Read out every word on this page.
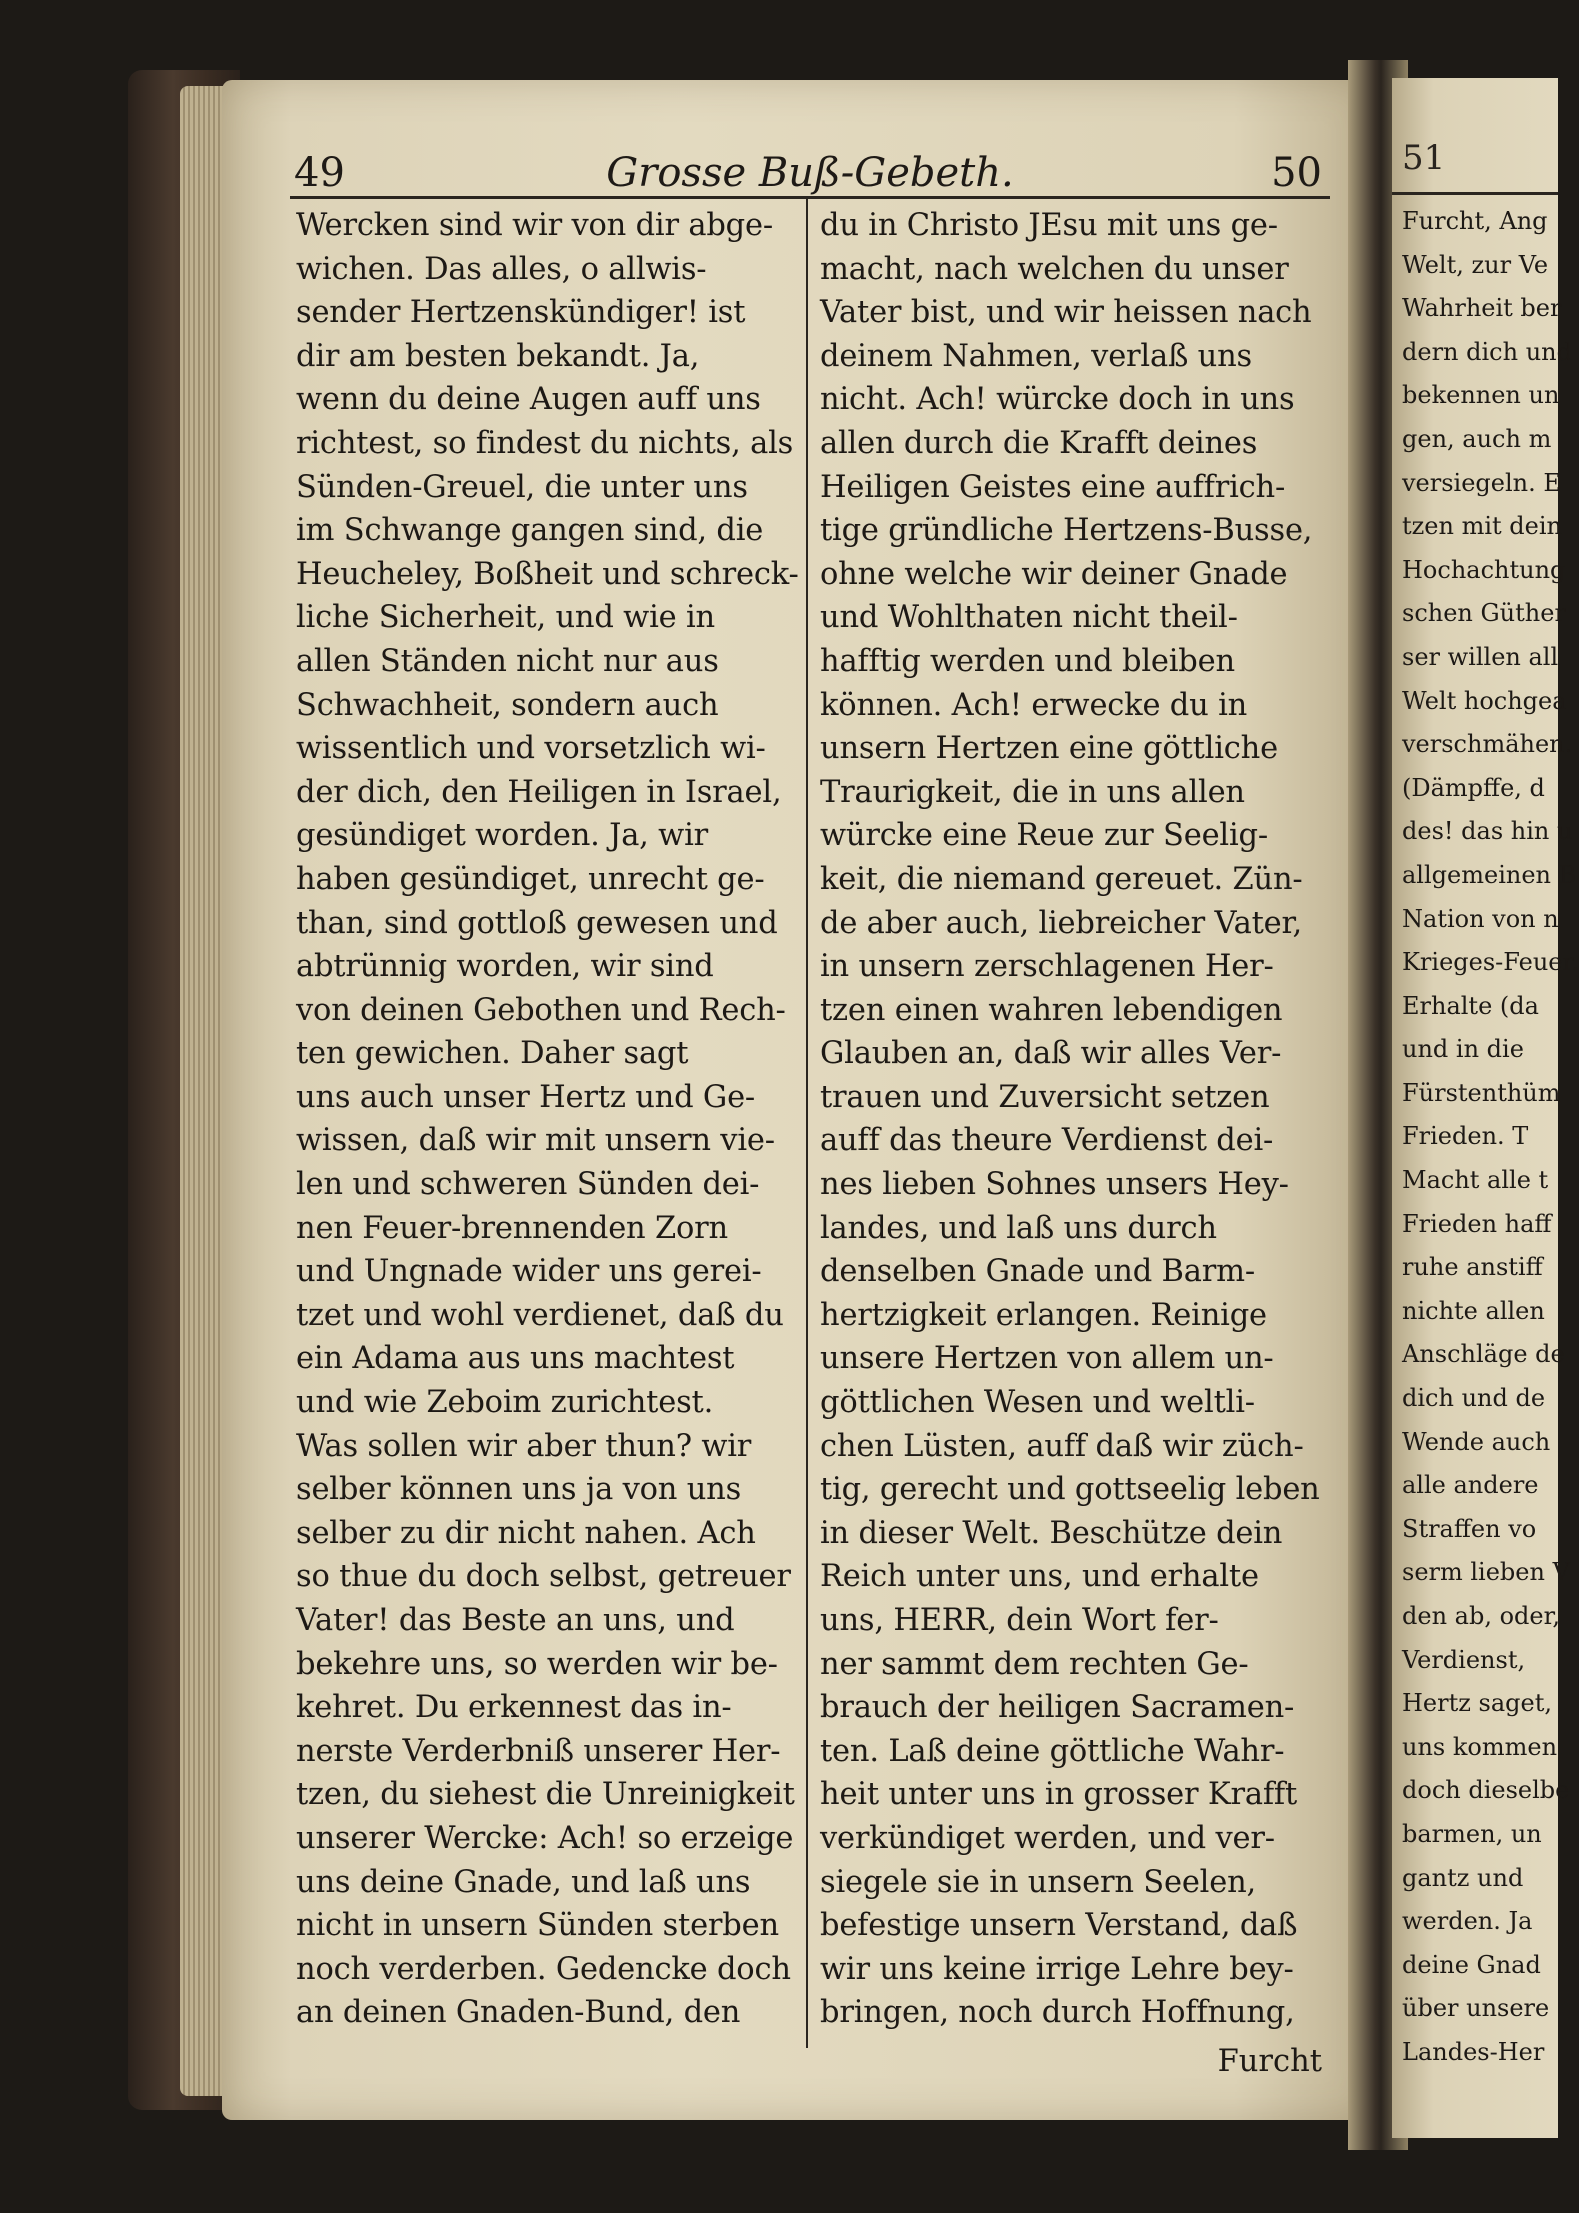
49	Grosse Buß-Gebeth.	50
Wercken sind wir von dir abge-
wichen. Das alles, o allwis-
sender Hertzenskündiger! ist
dir am besten bekandt. Ja,
wenn du deine Augen auff uns
richtest, so findest du nichts, als
Sünden-Greuel, die unter uns
im Schwange gangen sind, die
Heucheley, Boßheit und schreck-
liche Sicherheit, und wie in
allen Ständen nicht nur aus
Schwachheit, sondern auch
wissentlich und vorsetzlich wi-
der dich, den Heiligen in Israel,
gesündiget worden. Ja, wir
haben gesündiget, unrecht ge-
than, sind gottloß gewesen und
abtrünnig worden, wir sind
von deinen Gebothen und Rech-
ten gewichen. Daher sagt
uns auch unser Hertz und Ge-
wissen, daß wir mit unsern vie-
len und schweren Sünden dei-
nen Feuer-brennenden Zorn
und Ungnade wider uns gerei-
tzet und wohl verdienet, daß du
ein Adama aus uns machtest
und wie Zeboim zurichtest.
Was sollen wir aber thun? wir
selber können uns ja von uns
selber zu dir nicht nahen. Ach
so thue du doch selbst, getreuer
Vater! das Beste an uns, und
bekehre uns, so werden wir be-
kehret. Du erkennest das in-
nerste Verderbniß unserer Her-
tzen, du siehest die Unreinigkeit
unserer Wercke: Ach! so erzeige
uns deine Gnade, und laß uns
nicht in unsern Sünden sterben
noch verderben. Gedencke doch
an deinen Gnaden-Bund, den
du in Christo JEsu mit uns ge-
macht, nach welchen du unser
Vater bist, und wir heissen nach
deinem Nahmen, verlaß uns
nicht. Ach! würcke doch in uns
allen durch die Krafft deines
Heiligen Geistes eine auffrich-
tige gründliche Hertzens-Busse,
ohne welche wir deiner Gnade
und Wohlthaten nicht theil-
hafftig werden und bleiben
können. Ach! erwecke du in
unsern Hertzen eine göttliche
Traurigkeit, die in uns allen
würcke eine Reue zur Seelig-
keit, die niemand gereuet. Zün-
de aber auch, liebreicher Vater,
in unsern zerschlagenen Her-
tzen einen wahren lebendigen
Glauben an, daß wir alles Ver-
trauen und Zuversicht setzen
auff das theure Verdienst dei-
nes lieben Sohnes unsers Hey-
landes, und laß uns durch
denselben Gnade und Barm-
hertzigkeit erlangen. Reinige
unsere Hertzen von allem un-
göttlichen Wesen und weltli-
chen Lüsten, auff daß wir züch-
tig, gerecht und gottseelig leben
in dieser Welt. Beschütze dein
Reich unter uns, und erhalte
uns, HERR, dein Wort fer-
ner sammt dem rechten Ge-
brauch der heiligen Sacramen-
ten. Laß deine göttliche Wahr-
heit unter uns in grosser Krafft
verkündiget werden, und ver-
siegele sie in unsern Seelen,
befestige unsern Verstand, daß
wir uns keine irrige Lehre bey-
bringen, noch durch Hoffnung,
Furcht
51
Furcht, Ang
Welt, zur Ve
Wahrheit ber
dern dich und
bekennen un
gen, auch m
versiegeln. E
tzen mit dein
Hochachtung
schen Güther
ser willen all
Welt hochgea
verschmähen.
(Dämpffe, d
des! das hin u
allgemeinen B
Nation von n
Krieges-Feuer.
Erhalte (da
und in die
Fürstenthüm
Frieden. T
Macht alle t
Frieden haff
ruhe anstiff
nichte allen
Anschläge de
dich und de
Wende auch
alle andere
Straffen vo
serm lieben V
den ab, oder,
Verdienst,
Hertz saget,
uns kommen
doch dieselbe
barmen, un
gantz und
werden. Ja
deine Gnad
über unsere
Landes-Her
